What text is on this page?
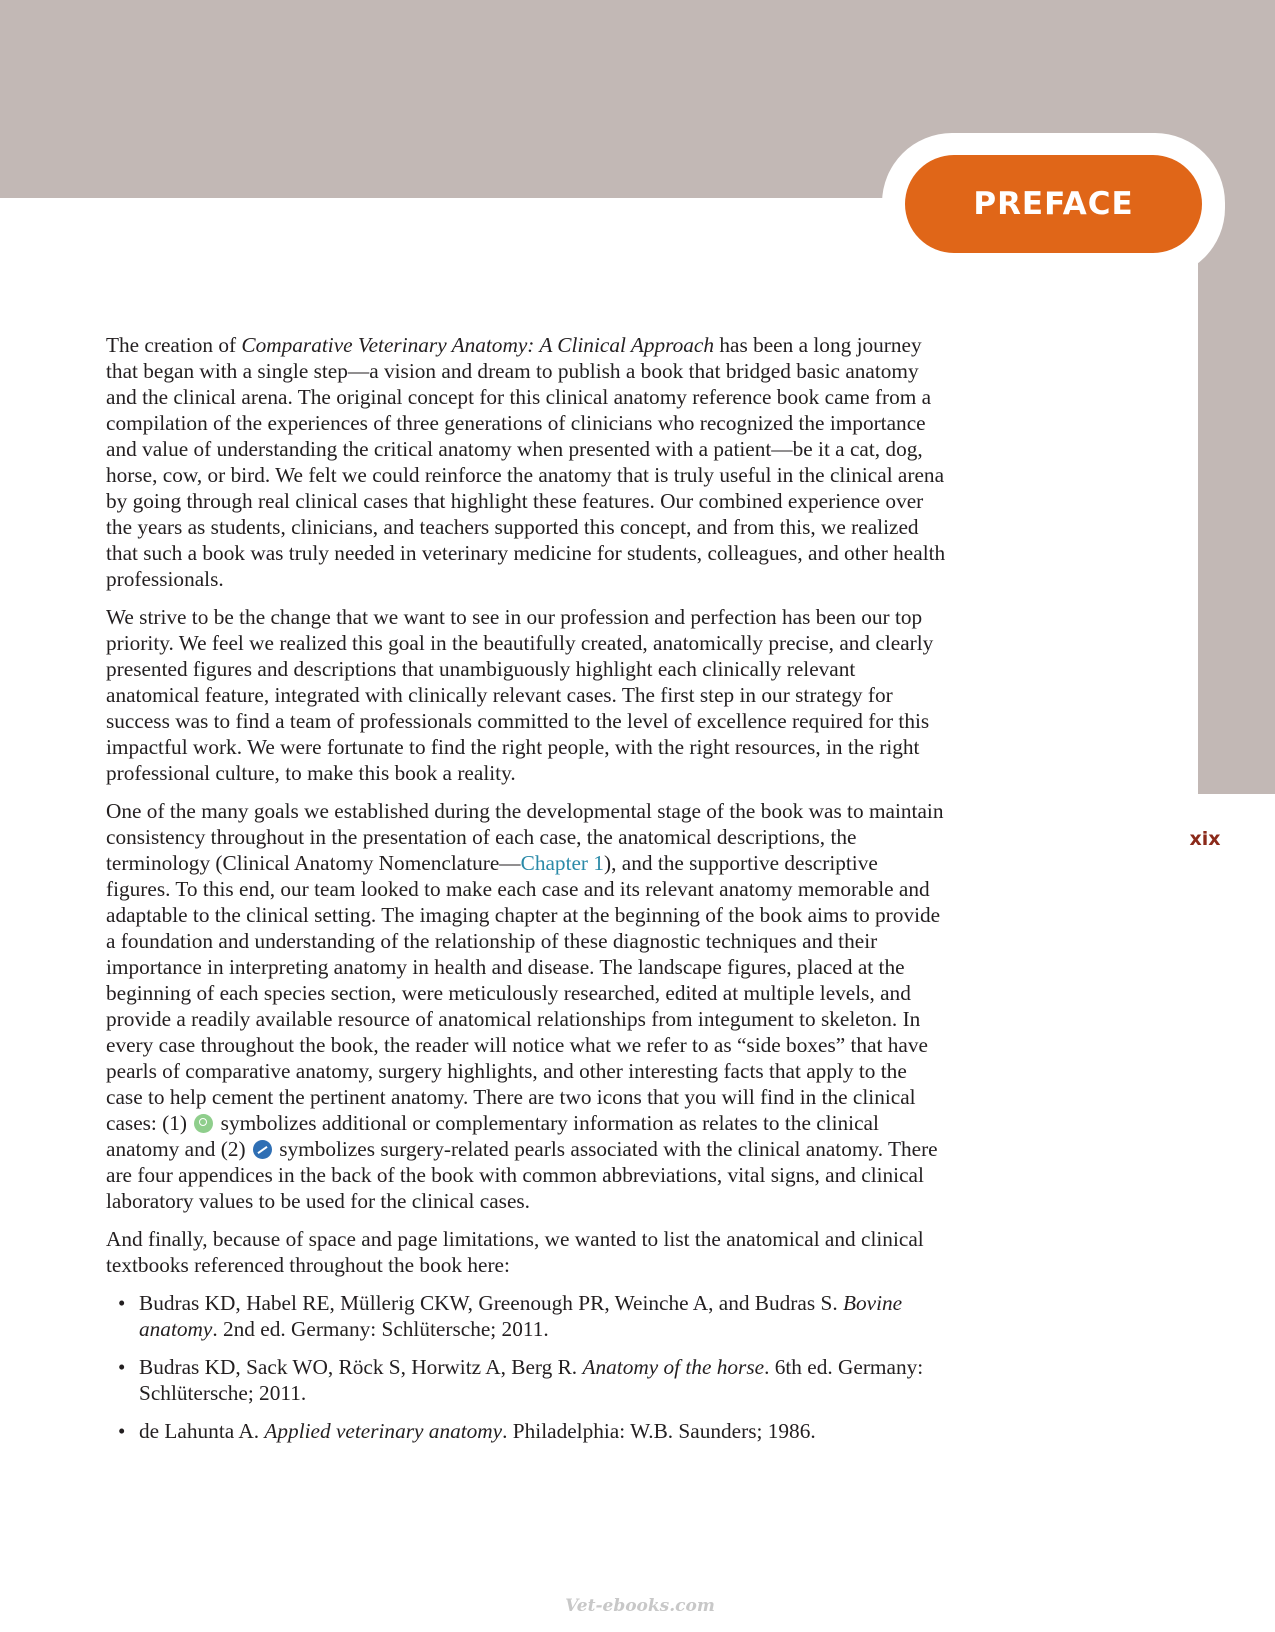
PREFACE
xix

The creation of Comparative Veterinary Anatomy: A Clinical Approach has been a long journey that began with a single step—a vision and dream to publish a book that bridged basic anatomy and the clinical arena. The original concept for this clinical anatomy reference book came from a compilation of the experiences of three generations of clinicians who recognized the importance and value of understanding the critical anatomy when presented with a patient—be it a cat, dog, horse, cow, or bird. We felt we could reinforce the anatomy that is truly useful in the clinical arena by going through real clinical cases that highlight these features. Our combined experience over the years as students, clinicians, and teachers supported this concept, and from this, we realized that such a book was truly needed in veterinary medicine for students, colleagues, and other health professionals.

We strive to be the change that we want to see in our profession and perfection has been our top priority. We feel we realized this goal in the beautifully created, anatomically precise, and clearly presented figures and descriptions that unambiguously highlight each clinically relevant anatomical feature, integrated with clinically relevant cases. The first step in our strategy for success was to find a team of professionals committed to the level of excellence required for this impactful work. We were fortunate to find the right people, with the right resources, in the right professional culture, to make this book a reality.

One of the many goals we established during the developmental stage of the book was to maintain consistency throughout in the presentation of each case, the anatomical descriptions, the terminology (Clinical Anatomy Nomenclature—Chapter 1), and the supportive descriptive figures. To this end, our team looked to make each case and its relevant anatomy memorable and adaptable to the clinical setting. The imaging chapter at the beginning of the book aims to provide a foundation and understanding of the relationship of these diagnostic techniques and their importance in interpreting anatomy in health and disease. The landscape figures, placed at the beginning of each species section, were meticulously researched, edited at multiple levels, and provide a readily available resource of anatomical relationships from integument to skeleton. In every case throughout the book, the reader will notice what we refer to as “side boxes” that have pearls of comparative anatomy, surgery highlights, and other interesting facts that apply to the case to help cement the pertinent anatomy. There are two icons that you will find in the clinical cases: (1)  symbolizes additional or complementary information as relates to the clinical anatomy and (2)  symbolizes surgery-related pearls associated with the clinical anatomy. There are four appendices in the back of the book with common abbreviations, vital signs, and clinical laboratory values to be used for the clinical cases.

And finally, because of space and page limitations, we wanted to list the anatomical and clinical textbooks referenced throughout the book here:

• Budras KD, Habel RE, Müllerig CKW, Greenough PR, Weinche A, and Budras S. Bovine anatomy. 2nd ed. Germany: Schlütersche; 2011.
• Budras KD, Sack WO, Röck S, Horwitz A, Berg R. Anatomy of the horse. 6th ed. Germany: Schlütersche; 2011.
• de Lahunta A. Applied veterinary anatomy. Philadelphia: W.B. Saunders; 1986.
Vet-ebooks.com
